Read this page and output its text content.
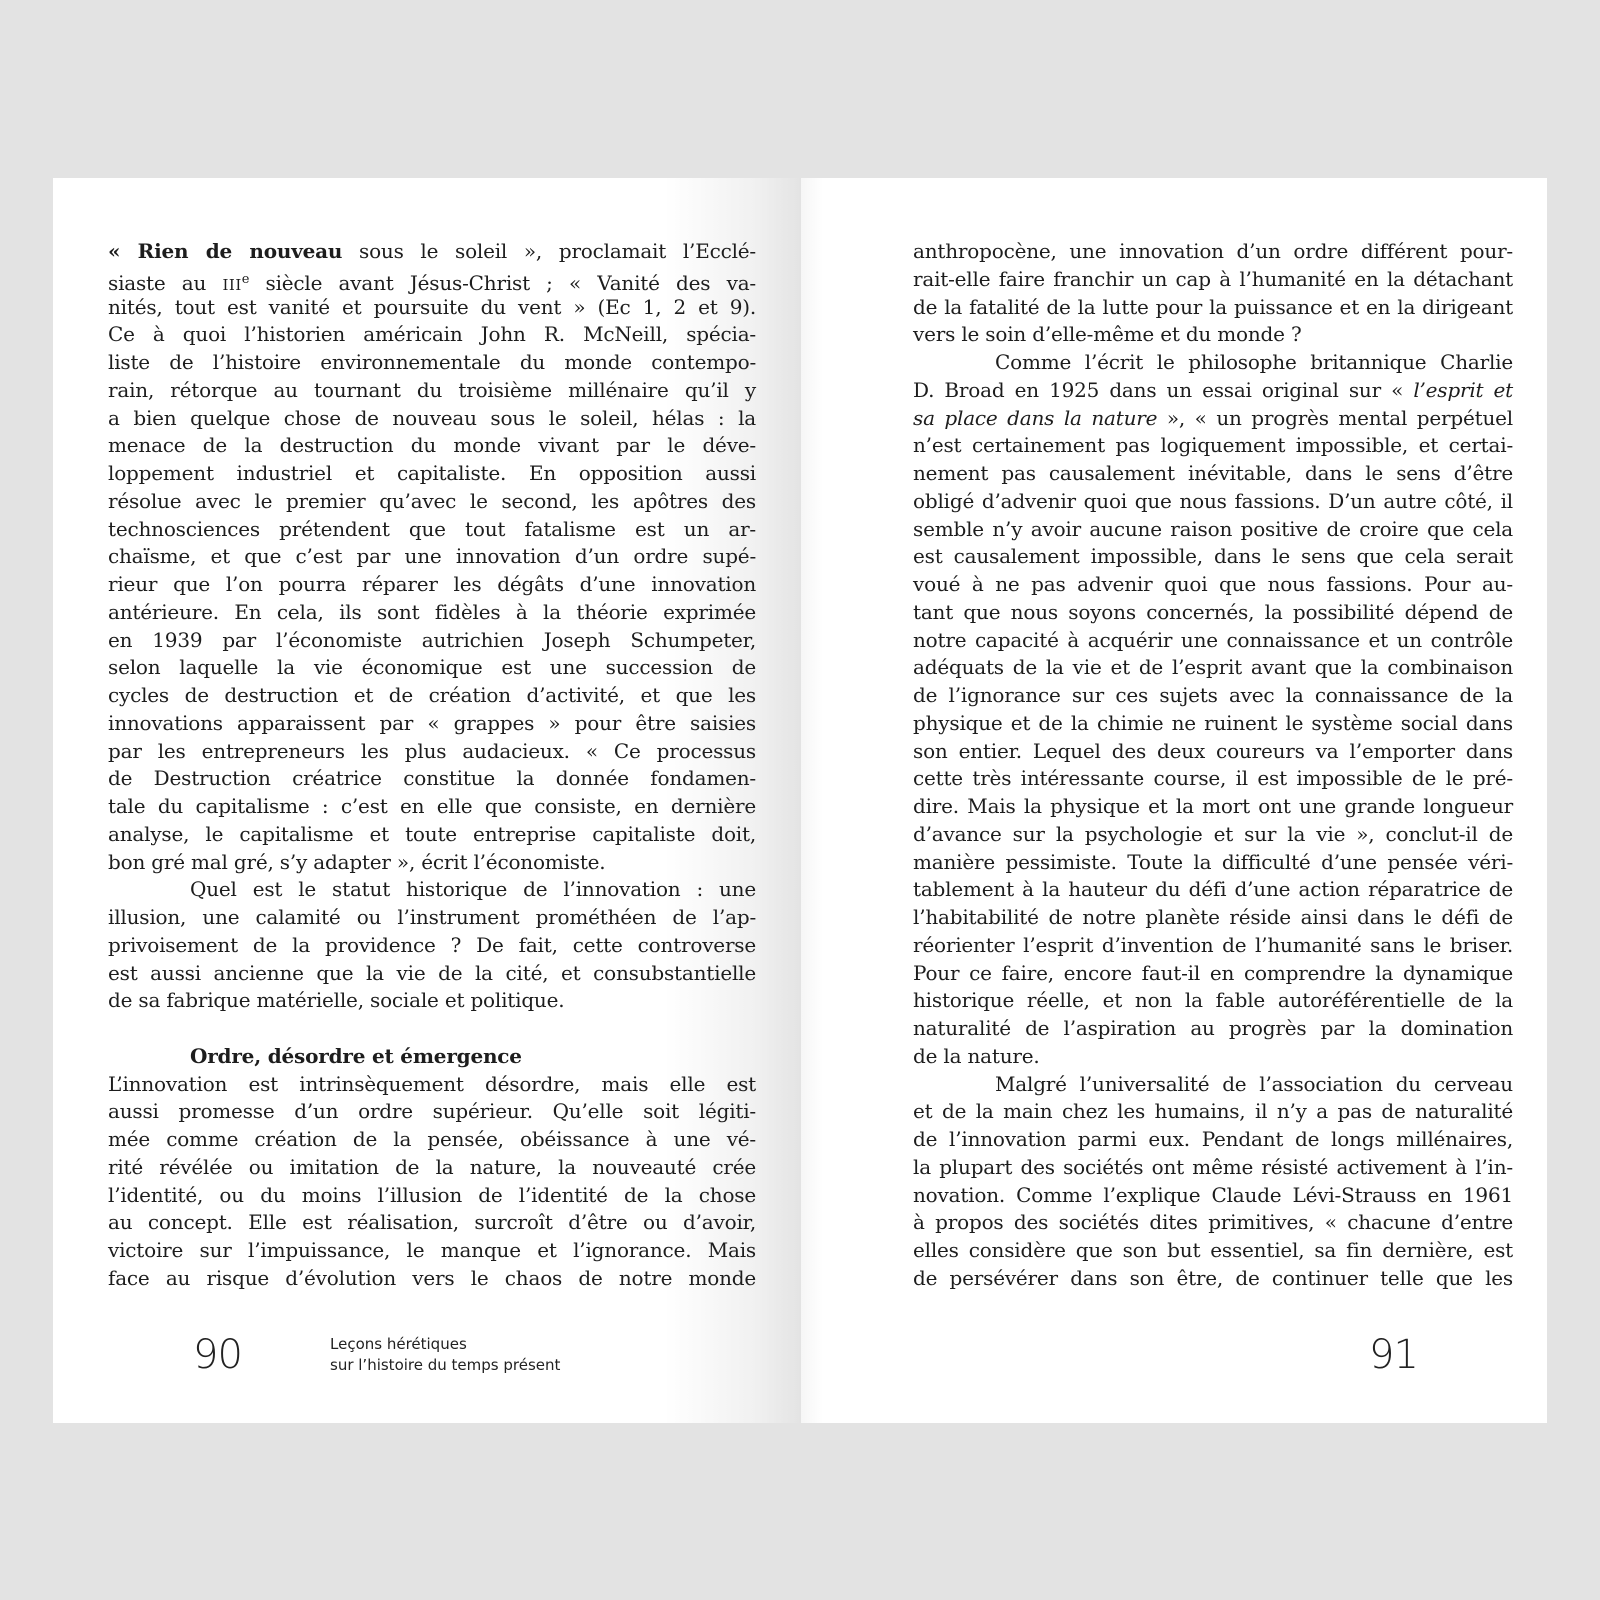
« Rien de nouveau sous le soleil », proclamait l’Ecclé-
siaste au IIIe siècle avant Jésus-Christ ; « Vanité des va-
nités, tout est vanité et poursuite du vent » (Ec 1, 2 et 9).
Ce à quoi l’historien américain John R. McNeill, spécia-
liste de l’histoire environnementale du monde contempo-
rain, rétorque au tournant du troisième millénaire qu’il y
a bien quelque chose de nouveau sous le soleil, hélas : la
menace de la destruction du monde vivant par le déve-
loppement industriel et capitaliste. En opposition aussi
résolue avec le premier qu’avec le second, les apôtres des
technosciences prétendent que tout fatalisme est un ar-
chaïsme, et que c’est par une innovation d’un ordre supé-
rieur que l’on pourra réparer les dégâts d’une innovation
antérieure. En cela, ils sont fidèles à la théorie exprimée
en 1939 par l’économiste autrichien Joseph Schumpeter,
selon laquelle la vie économique est une succession de
cycles de destruction et de création d’activité, et que les
innovations apparaissent par « grappes » pour être saisies
par les entrepreneurs les plus audacieux. « Ce processus
de Destruction créatrice constitue la donnée fondamen-
tale du capitalisme : c’est en elle que consiste, en dernière
analyse, le capitalisme et toute entreprise capitaliste doit,
bon gré mal gré, s’y adapter », écrit l’économiste.
Quel est le statut historique de l’innovation : une
illusion, une calamité ou l’instrument prométhéen de l’ap-
privoisement de la providence ? De fait, cette controverse
est aussi ancienne que la vie de la cité, et consubstantielle
de sa fabrique matérielle, sociale et politique.
Ordre, désordre et émergence
L’innovation est intrinsèquement désordre, mais elle est
aussi promesse d’un ordre supérieur. Qu’elle soit légiti-
mée comme création de la pensée, obéissance à une vé-
rité révélée ou imitation de la nature, la nouveauté crée
l’identité, ou du moins l’illusion de l’identité de la chose
au concept. Elle est réalisation, surcroît d’être ou d’avoir,
victoire sur l’impuissance, le manque et l’ignorance. Mais
face au risque d’évolution vers le chaos de notre monde
90	Leçons hérétiques
sur l’histoire du temps présent
anthropocène, une innovation d’un ordre différent pour-
rait-elle faire franchir un cap à l’humanité en la détachant
de la fatalité de la lutte pour la puissance et en la dirigeant
vers le soin d’elle-même et du monde ?
Comme l’écrit le philosophe britannique Charlie
D. Broad en 1925 dans un essai original sur « l’esprit et
sa place dans la nature », « un progrès mental perpétuel
n’est certainement pas logiquement impossible, et certai-
nement pas causalement inévitable, dans le sens d’être
obligé d’advenir quoi que nous fassions. D’un autre côté, il
semble n’y avoir aucune raison positive de croire que cela
est causalement impossible, dans le sens que cela serait
voué à ne pas advenir quoi que nous fassions. Pour au-
tant que nous soyons concernés, la possibilité dépend de
notre capacité à acquérir une connaissance et un contrôle
adéquats de la vie et de l’esprit avant que la combinaison
de l’ignorance sur ces sujets avec la connaissance de la
physique et de la chimie ne ruinent le système social dans
son entier. Lequel des deux coureurs va l’emporter dans
cette très intéressante course, il est impossible de le pré-
dire. Mais la physique et la mort ont une grande longueur
d’avance sur la psychologie et sur la vie », conclut-il de
manière pessimiste. Toute la difficulté d’une pensée véri-
tablement à la hauteur du défi d’une action réparatrice de
l’habitabilité de notre planète réside ainsi dans le défi de
réorienter l’esprit d’invention de l’humanité sans le briser.
Pour ce faire, encore faut-il en comprendre la dynamique
historique réelle, et non la fable autoréférentielle de la
naturalité de l’aspiration au progrès par la domination
de la nature.
Malgré l’universalité de l’association du cerveau
et de la main chez les humains, il n’y a pas de naturalité
de l’innovation parmi eux. Pendant de longs millénaires,
la plupart des sociétés ont même résisté activement à l’in-
novation. Comme l’explique Claude Lévi-Strauss en 1961
à propos des sociétés dites primitives, « chacune d’entre
elles considère que son but essentiel, sa fin dernière, est
de persévérer dans son être, de continuer telle que les
91
